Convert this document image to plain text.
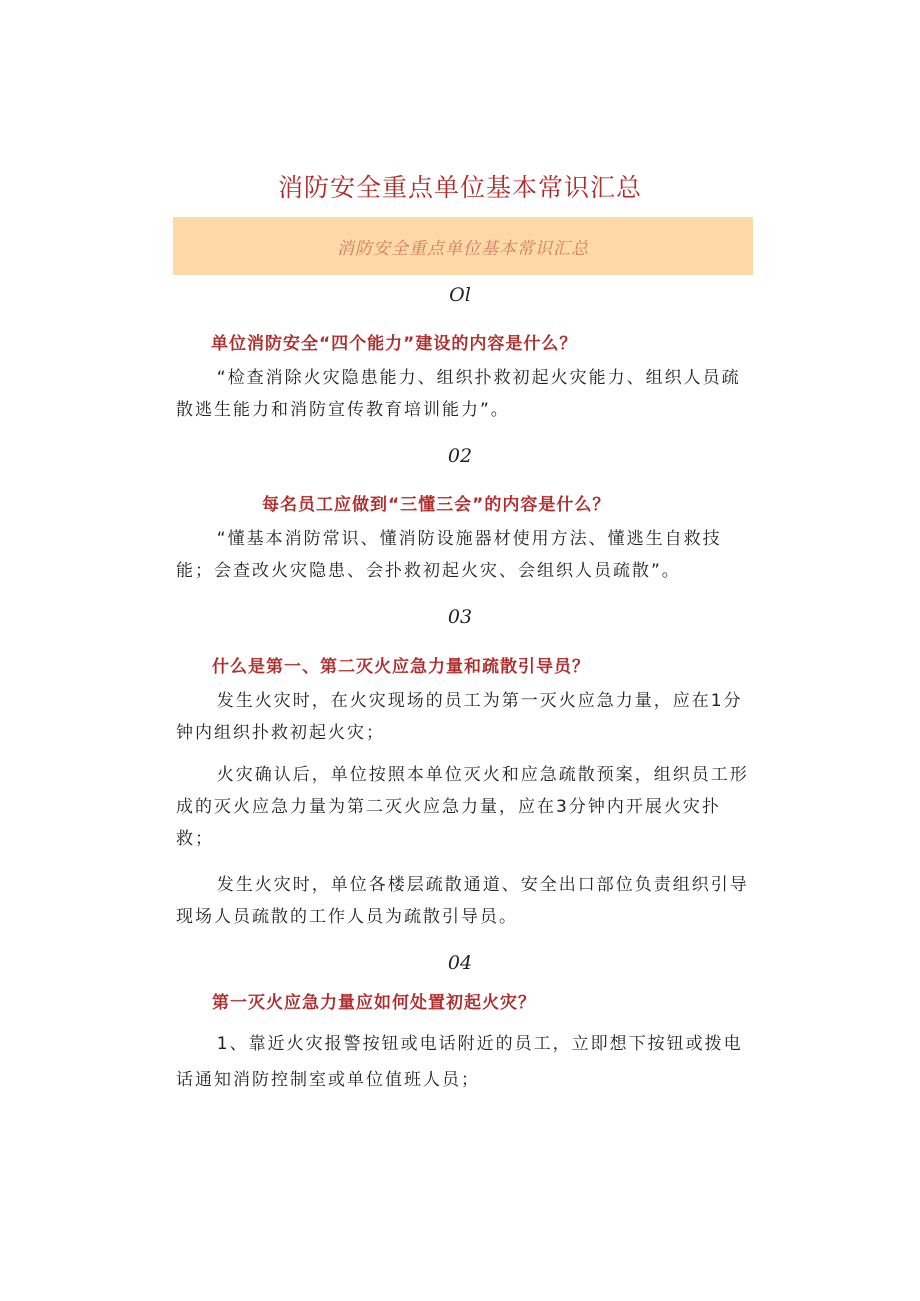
消防安全重点单位基本常识汇总
消防安全重点单位基本常识汇总
Ol
单位消防安全“四个能力”建设的内容是什么？
“检查消除火灾隐患能力、组织扑救初起火灾能力、组织人员疏散逃生能力和消防宣传教育培训能力”。
02
每名员工应做到“三懂三会”的内容是什么？
“懂基本消防常识、懂消防设施器材使用方法、懂逃生自救技能；会查改火灾隐患、会扑救初起火灾、会组织人员疏散”。
03
什么是第一、第二灭火应急力量和疏散引导员？
发生火灾时，在火灾现场的员工为第一灭火应急力量，应在1分钟内组织扑救初起火灾；
火灾确认后，单位按照本单位灭火和应急疏散预案，组织员工形成的灭火应急力量为第二灭火应急力量，应在3分钟内开展火灾扑救；
发生火灾时，单位各楼层疏散通道、安全出口部位负责组织引导现场人员疏散的工作人员为疏散引导员。
04
第一灭火应急力量应如何处置初起火灾？
1、靠近火灾报警按钮或电话附近的员工，立即想下按钮或拨电话通知消防控制室或单位值班人员；
